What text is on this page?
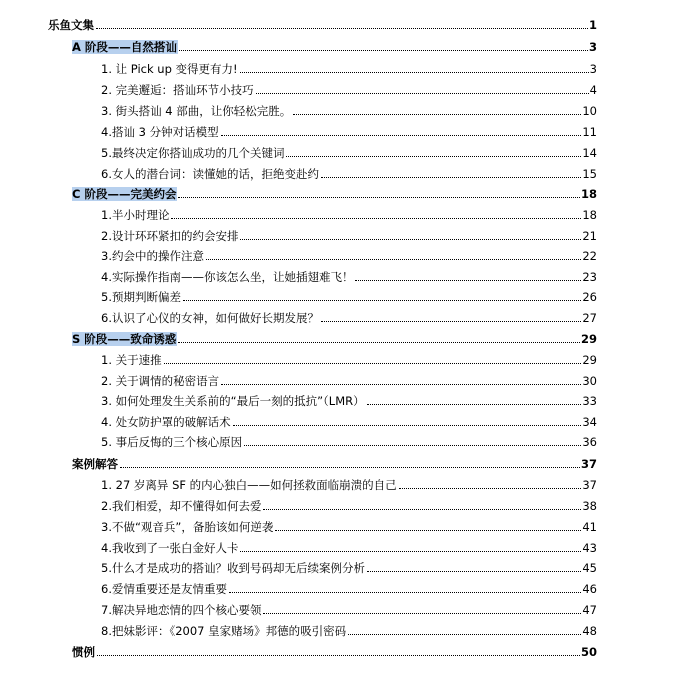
乐鱼文集	1
A 阶段——自然搭讪	3
1. 让 Pick up 变得更有力!	3
2. 完美邂逅：搭讪环节小技巧	4
3. 街头搭讪 4 部曲，让你轻松完胜。	10
4.搭讪 3 分钟对话模型	11
5.最终决定你搭讪成功的几个关键词	14
6.女人的潜台词：读懂她的话，拒绝变赴约	15
C 阶段——完美约会	18
1.半小时理论	18
2.设计环环紧扣的约会安排	21
3.约会中的操作注意	22
4.实际操作指南——你该怎么坐，让她插翅难飞！	23
5.预期判断偏差	26
6.认识了心仪的女神，如何做好长期发展？	27
S 阶段——致命诱惑	29
1. 关于速推	29
2. 关于调情的秘密语言	30
3. 如何处理发生关系前的“最后一刻的抵抗”（LMR）	33
4. 处女防护罩的破解话术	34
5. 事后反悔的三个核心原因	36
案例解答	37
1. 27 岁离异 SF 的内心独白——如何拯救面临崩溃的自己	37
2.我们相爱，却不懂得如何去爱	38
3.不做“观音兵”，备胎该如何逆袭	41
4.我收到了一张白金好人卡	43
5.什么才是成功的搭讪？收到号码却无后续案例分析	45
6.爱情重要还是友情重要	46
7.解决异地恋情的四个核心要领	47
8.把妹影评：《2007 皇家赌场》邦德的吸引密码	48
惯例	50
